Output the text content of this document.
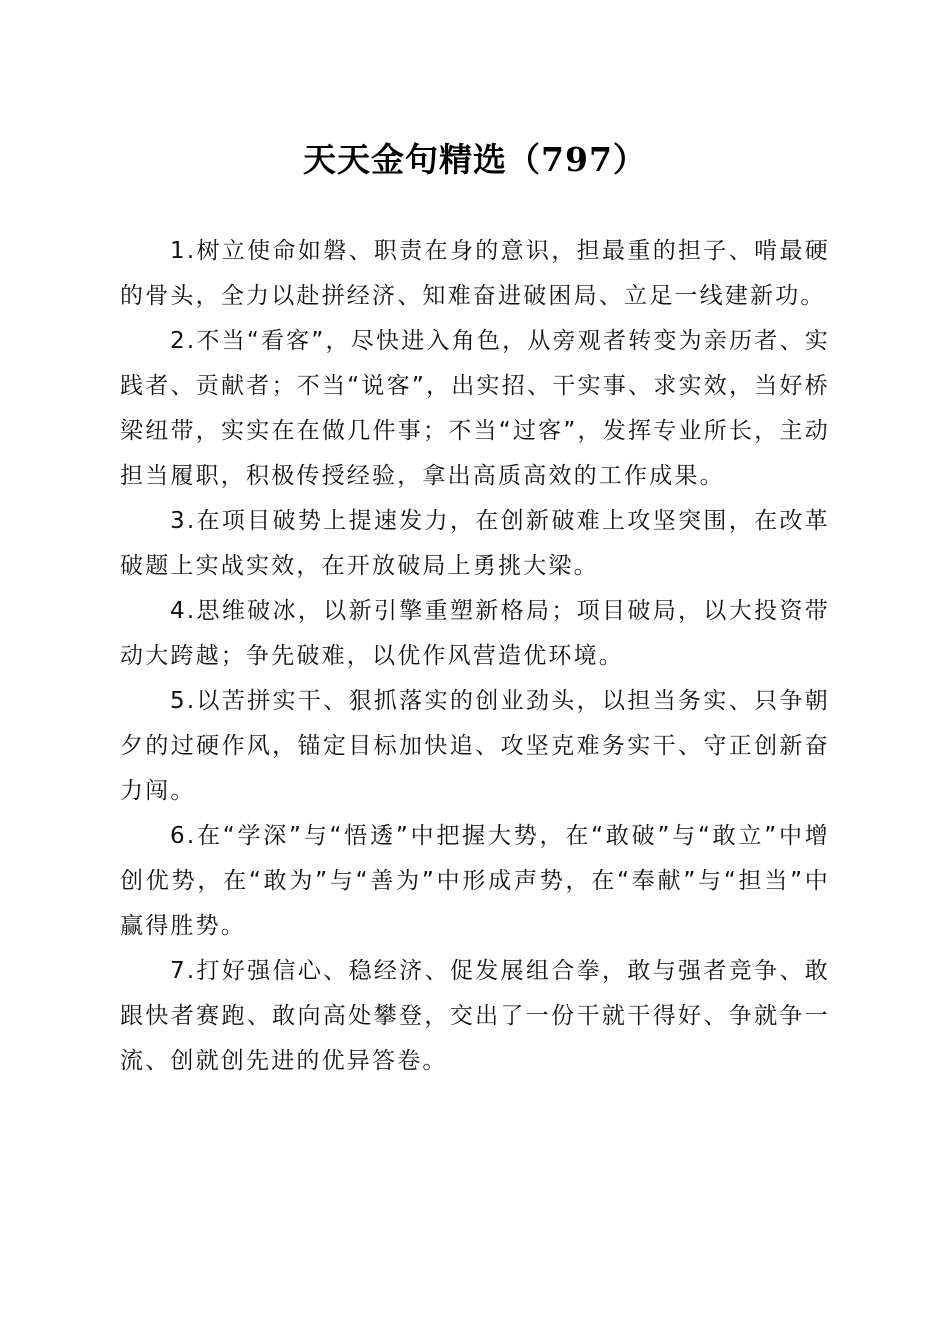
天天金句精选（797）

1.树立使命如磐、职责在身的意识，担最重的担子、啃最硬的骨头，全力以赴拼经济、知难奋进破困局、立足一线建新功。

2.不当“看客”，尽快进入角色，从旁观者转变为亲历者、实践者、贡献者；不当“说客”，出实招、干实事、求实效，当好桥梁纽带，实实在在做几件事；不当“过客”，发挥专业所长，主动担当履职，积极传授经验，拿出高质高效的工作成果。

3.在项目破势上提速发力，在创新破难上攻坚突围，在改革破题上实战实效，在开放破局上勇挑大梁。

4.思维破冰，以新引擎重塑新格局；项目破局，以大投资带动大跨越；争先破难，以优作风营造优环境。

5.以苦拼实干、狠抓落实的创业劲头，以担当务实、只争朝夕的过硬作风，锚定目标加快追、攻坚克难务实干、守正创新奋力闯。

6.在“学深”与“悟透”中把握大势，在“敢破”与“敢立”中增创优势，在“敢为”与“善为”中形成声势，在“奉献”与“担当”中赢得胜势。

7.打好强信心、稳经济、促发展组合拳，敢与强者竞争、敢跟快者赛跑、敢向高处攀登，交出了一份干就干得好、争就争一流、创就创先进的优异答卷。
